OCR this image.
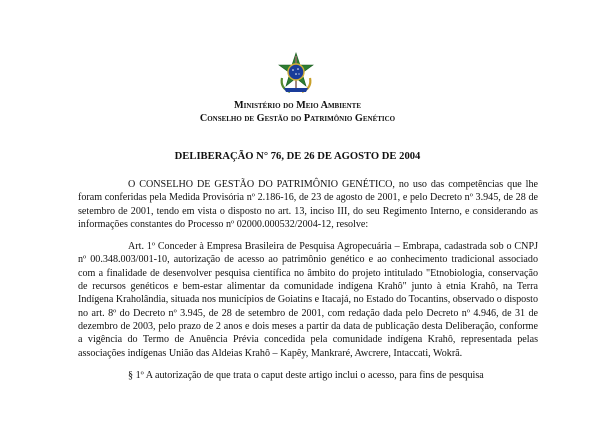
Ministério do Meio Ambiente
Conselho de Gestão do Patrimônio Genético
DELIBERAÇÃO N° 76, DE 26 DE AGOSTO DE 2004

O CONSELHO DE GESTÃO DO PATRIMÔNIO GENÉTICO, no uso das competências que lhe foram conferidas pela Medida Provisória nº 2.186-16, de 23 de agosto de 2001, e pelo Decreto nº 3.945, de 28 de setembro de 2001, tendo em vista o disposto no art. 13, inciso III, do seu Regimento Interno, e considerando as informações constantes do Processo nº 02000.000532/2004-12, resolve:

Art. 1º Conceder à Empresa Brasileira de Pesquisa Agropecuária – Embrapa, cadastrada sob o CNPJ nº 00.348.003/001-10, autorização de acesso ao patrimônio genético e ao conhecimento tradicional associado com a finalidade de desenvolver pesquisa científica no âmbito do projeto intitulado "Etnobiologia, conservação de recursos genéticos e bem-estar alimentar da comunidade indígena Krahô" junto à etnia Krahô, na Terra Indígena Kraholândia, situada nos municípios de Goiatins e Itacajá, no Estado do Tocantins, observado o disposto no art. 8º do Decreto nº 3.945, de 28 de setembro de 2001, com redação dada pelo Decreto nº 4.946, de 31 de dezembro de 2003, pelo prazo de 2 anos e dois meses a partir da data de publicação desta Deliberação, conforme a vigência do Termo de Anuência Prévia concedida pela comunidade indígena Krahô, representada pelas associações indígenas União das Aldeias Krahô – Kapêy, Mankraré, Awcrere, Intaccati, Wokrã.

§ 1º A autorização de que trata o caput deste artigo inclui o acesso, para fins de pesquisa
